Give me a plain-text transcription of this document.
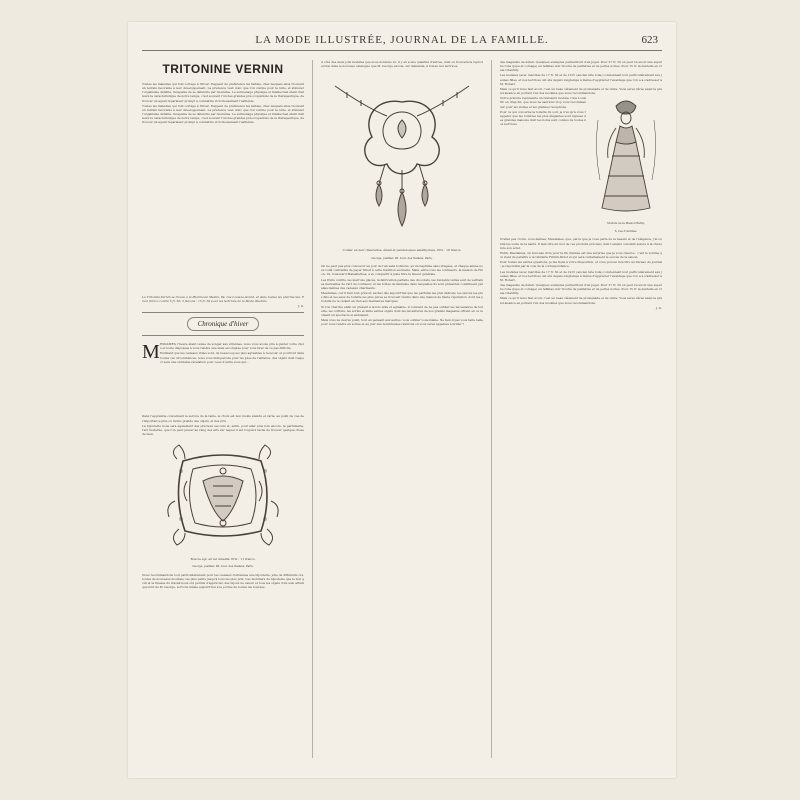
LA MODE ILLUSTRÉE, JOURNAL DE LA FAMILLE.	623
TRITONINE VERNIN

Toutes les maladies qui font cortège à l'hiver, frappent de préférence les faibles, chez lesquels elles trouvent un terrain favorable à leur développement. La prudence veut donc que l'on s'arme pour la lutte, et stimuler l'organisme débilité, incapable de se défendre par lui-même. Le surmenage physique et intellectuel étant d'ailleurs la caractéristique de notre temps, c'est souvent l'un des grandes préoccupations de la thérapeutique, de trouver un agent réparateur prompt à combattre victorieusement l'asthénie.

Toutes les maladies qui font cortège à l'hiver, frappent de préférence les faibles, chez lesquels elles trouvent un terrain favorable à leur développement. La prudence veut donc que l'on s'arme pour la lutte, et stimuler l'organisme débilité, incapable de se défendre par lui-même. Le surmenage physique et intellectuel étant d'ailleurs la caractéristique de notre temps, c'est souvent l'un des grandes préoccupations de la thérapeutique, de trouver un agent réparateur prompt à combattre victorieusement l'asthénie.

La Tritonine-Vernin se trouve à la Pharmacie Meslin, 84, rue Louis-le-Grand, et dans toutes les pharmacies. Envoi franco contre 5 fr. 50; 3 flacons : 15 fr. 50 pour les lectrices de la Mode illustrée.

J. G.
Chronique d'hiver
M ESDAMES, l'heure étant venue de songer aux étrennes, nous vous avons prié à guider votre choix et toute disposées à vous rendre une mais escomptée pour vous tirer de ce pas difficile.

Estimant que les cadeaux utiles sont, de beaucoup les plus agréables à recevoir, et pourront dans toutes ces circonstances, nous vous indiquerons pour les joies de l'enfance, des objets dont l'aspect sera une véritable révélation pour ceux d'entre vous qui...

Dans l'apprentie concernant le service de la table, le choix est non moins étendu et varié, au point de vue de l'importance plus ou moins grande des objets, et des prix.

La bijouterie nous sera également des précieux secours et, enfin, pour aller plus loin encore, la parfumerie, l'art moderne, que l'on peut placer au rang des arts sur lequel il est toujours facile de trouver quelque chose de bien.

Boucle égl. en fer émaillé. Prix : 11 francs.
George, joaillier, 98, boul. des Italiens, Paris.

Nous recommandons tout particulièrement pour les cadeaux d'étrennes une bijouterie, jolie de différents ors, toutes de nouveaux modèles, les plus petits jusqu'à tous les plus prix. Ces mobiliers de bijouterie que le bon goût et la finesse du travail nous ont permis d'apprécier, des bijoux de valeur et tous les objets d'un soin artistique font de M. George, sorti lui-même aujourd'hui à la portée de toutes les bourses.

À côté des deux jolis modèles que nous donnons ici, il y en a une quantité d'autres, dont on trouvera la reproduction dans le nouveau catalogue que M. George envoie, sur demande, à toutes nos lectrices.

Collier en noir (fleurettes, émail et pendeloques améthystes). Prix : 18 francs.
George, joaillier, 98, boul. des Italiens, Paris.

On ne peut pas plus concevoir un jour de l'an sans bonbons, qu'un baptême sans dragées, et chaque année nous voilà contraints de payer tribut à cette tradition séculaire. Mais, entre tous les confiseurs, la maison de Fibon, 19, boulevard Malesherbes, a su conquérir à juste titre la faveur générale.

Les fruits confits, les marrons glacés, la fabrication parfaite des chocolats, les fondants variés sont de véritables merveilles de l'art du confiseur, et les boîtes de fantaisie dans lesquelles ils sont présentés constituent par elles-mêmes des cadeaux charmants.

Mesdames, car il faut tout prévoir, sachez dès aujourd'hui que les parfums les plus délicats, les savons les plus fins et les eaux de toilette les plus pures se trouvent réunis dans une maison de haute réputation, dont les produits ne le cèdent en rien aux meilleures marques.

Si l'on cherche enfin un présent à la fois utile et agréable, il convient de ne pas oublier les nécessaires de toilette, les coffrets, les écrins et mille autres objets dont les devantures de nos grands magasins offrent en ce moment un spectacle si séduisant.

Mais vous ne devrez point, tout en pensant aux autres, vous oublier vous-même. Ne faut-il pas vous faire belle pour vous rendre en soirée et au jour des nombreuses réunions où vous serez appelées à briller ?

des magasins de détail. Quelques exemples permettront d'en juger. Pour 27 fr. 50 on peut recevoir une superbe robe (jupe et corsage) en taffetas noir broché de paillettes et de perles noires. Pour 15 fr. la dentelle en vraie Chantilly.

Les modèles (avec marchés de 17 fr. 50 et de 19 fr. (ancien tête toile) conviennent tout particulièrement aux jeunes filles, et nos lectrices ont été depuis longtemps à même d'apprécier l'avantage que l'on a à s'adresser à M. Robert.

Mais ce qu'il nous faut avoir, c'est un beau vêtement de promenade et de visite. Vous serez sûres aussi la grand aisance en portant l'un des modèles que nous recommandons.

Notre gravure représente un ravissant modèle, robe Louis XV en drap fin, que nous ne saurions trop vous recommander pour les visites et les grandes réceptions.

Pour ce qui concerne la toilette du soir, je n'ai qu'à vous rappeler que les toilettes les plus élégantes sont signées des grandes maisons dont les noms sont connus de toutes nos lectrices.

Modèle de la Maison Béthy,
6, rue d'Antibes.

N'allez pas croire, vous-mêmes, Mesdames, que, parce que je vous parle de la beauté et de l'élégance, j'ai oublié les soins de la santé. Il faut dire un mot de ces produits précieux dont l'emploi constant assure à la chevelure son éclat.

Enfin, Mesdames, un nouveau livre pour la fin d'année est une surprise que je vous réserve : c'est le volume qui vient de paraître à la Librairie Firmin-Didot et qui sera certainement le succès de la saison.

Pour toutes les autres questions, je me tiens à votre disposition, et vous pouvez m'écrire au bureau du journal ; je répondrai par la voie de la correspondance.

Les modèles (avec marchés de 17 fr. 50 et de 19 fr. (ancien tête toile) conviennent tout particulièrement aux jeunes filles, et nos lectrices ont été depuis longtemps à même d'apprécier l'avantage que l'on a à s'adresser à M. Robert.

des magasins de détail. Quelques exemples permettront d'en juger. Pour 27 fr. 50 on peut recevoir une superbe robe (jupe et corsage) en taffetas noir broché de paillettes et de perles noires. Pour 15 fr. la dentelle en vraie Chantilly.

Mais ce qu'il nous faut avoir, c'est un beau vêtement de promenade et de visite. Vous serez sûres aussi la grand aisance en portant l'un des modèles que nous recommandons.

J. G.
